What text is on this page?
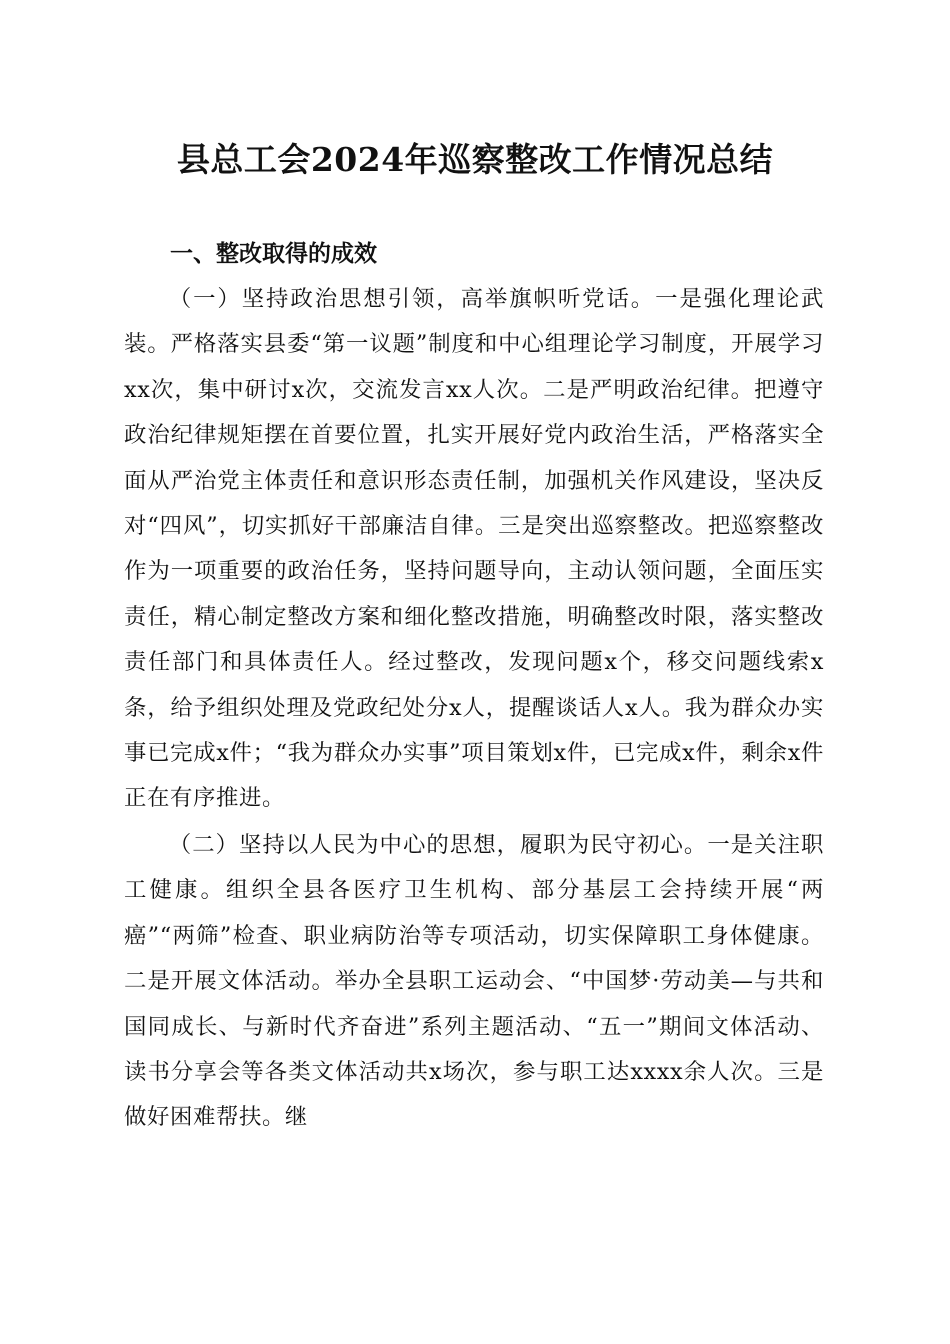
县总工会2024年巡察整改工作情况总结
一、整改取得的成效

（一）坚持政治思想引领，高举旗帜听党话。一是强化理论武装。严格落实县委“第一议题”制度和中心组理论学习制度，开展学习xx次，集中研讨x次，交流发言xx人次。二是严明政治纪律。把遵守政治纪律规矩摆在首要位置，扎实开展好党内政治生活，严格落实全面从严治党主体责任和意识形态责任制，加强机关作风建设，坚决反对“四风”，切实抓好干部廉洁自律。三是突出巡察整改。把巡察整改作为一项重要的政治任务，坚持问题导向，主动认领问题，全面压实责任，精心制定整改方案和细化整改措施，明确整改时限，落实整改责任部门和具体责任人。经过整改，发现问题x个，移交问题线索x条，给予组织处理及党政纪处分x人，提醒谈话人x人。我为群众办实事已完成x件；“我为群众办实事”项目策划x件，已完成x件，剩余x件正在有序推进。

（二）坚持以人民为中心的思想，履职为民守初心。一是关注职工健康。组织全县各医疗卫生机构、部分基层工会持续开展“两癌”“两筛”检查、职业病防治等专项活动，切实保障职工身体健康。二是开展文体活动。举办全县职工运动会、“中国梦·劳动美—与共和国同成长、与新时代齐奋进”系列主题活动、“五一”期间文体活动、读书分享会等各类文体活动共x场次，参与职工达xxxx余人次。三是做好困难帮扶。继
